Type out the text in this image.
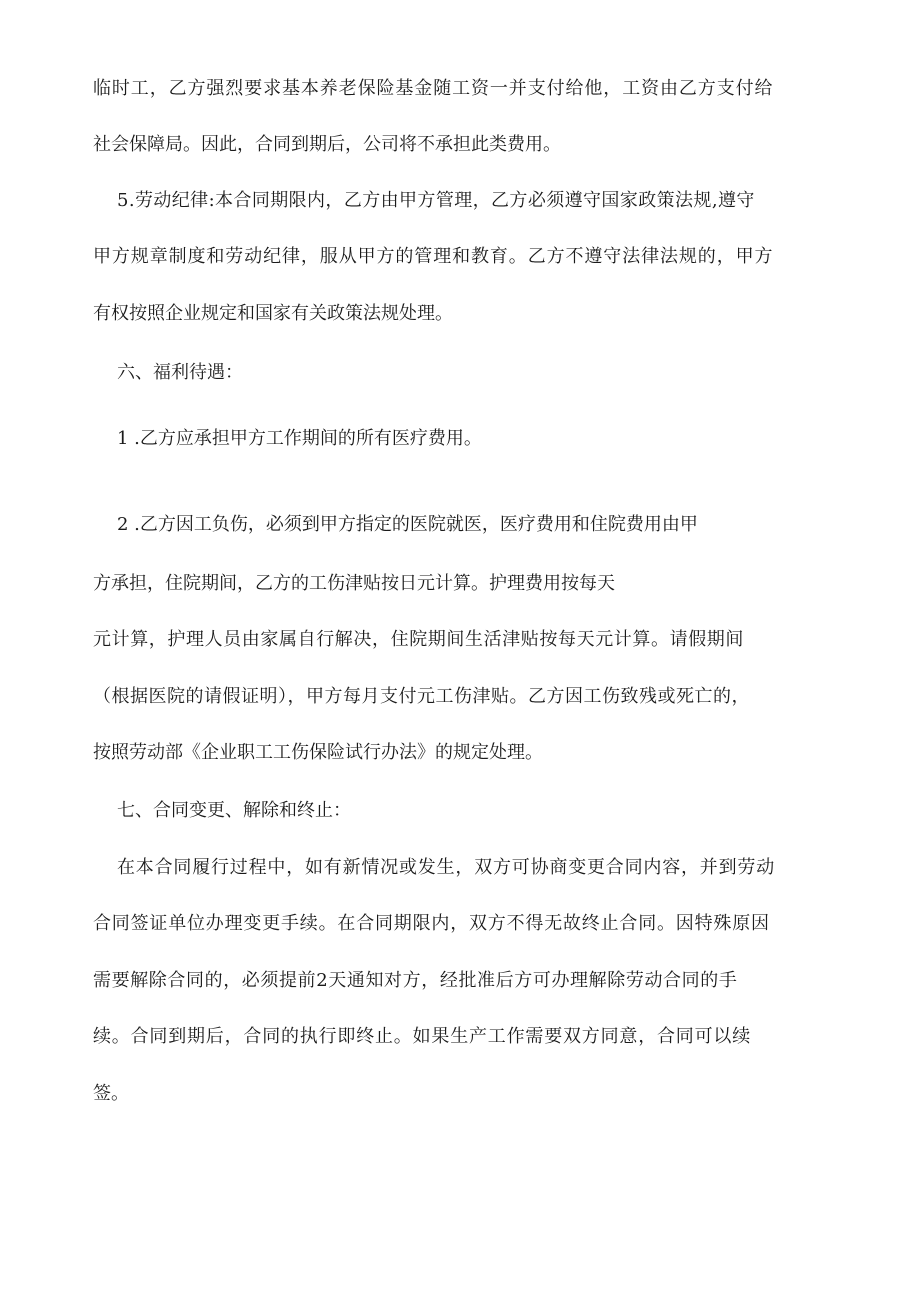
临时工，乙方强烈要求基本养老保险基金随工资一并支付给他，工资由乙方支付给
社会保障局。因此，合同到期后，公司将不承担此类费用。
5.劳动纪律:本合同期限内，乙方由甲方管理，乙方必须遵守国家政策法规,遵守
甲方规章制度和劳动纪律，服从甲方的管理和教育。乙方不遵守法律法规的，甲方
有权按照企业规定和国家有关政策法规处理。
六、福利待遇：
1 .乙方应承担甲方工作期间的所有医疗费用。
2 .乙方因工负伤，必须到甲方指定的医院就医，医疗费用和住院费用由甲
方承担，住院期间，乙方的工伤津贴按日元计算。护理费用按每天
元计算，护理人员由家属自行解决，住院期间生活津贴按每天元计算。请假期间
（根据医院的请假证明），甲方每月支付元工伤津贴。乙方因工伤致残或死亡的，
按照劳动部《企业职工工伤保险试行办法》的规定处理。
七、合同变更、解除和终止：
在本合同履行过程中，如有新情况或发生，双方可协商变更合同内容，并到劳动
合同签证单位办理变更手续。在合同期限内，双方不得无故终止合同。因特殊原因
需要解除合同的，必须提前2天通知对方，经批准后方可办理解除劳动合同的手
续。合同到期后，合同的执行即终止。如果生产工作需要双方同意，合同可以续
签。
